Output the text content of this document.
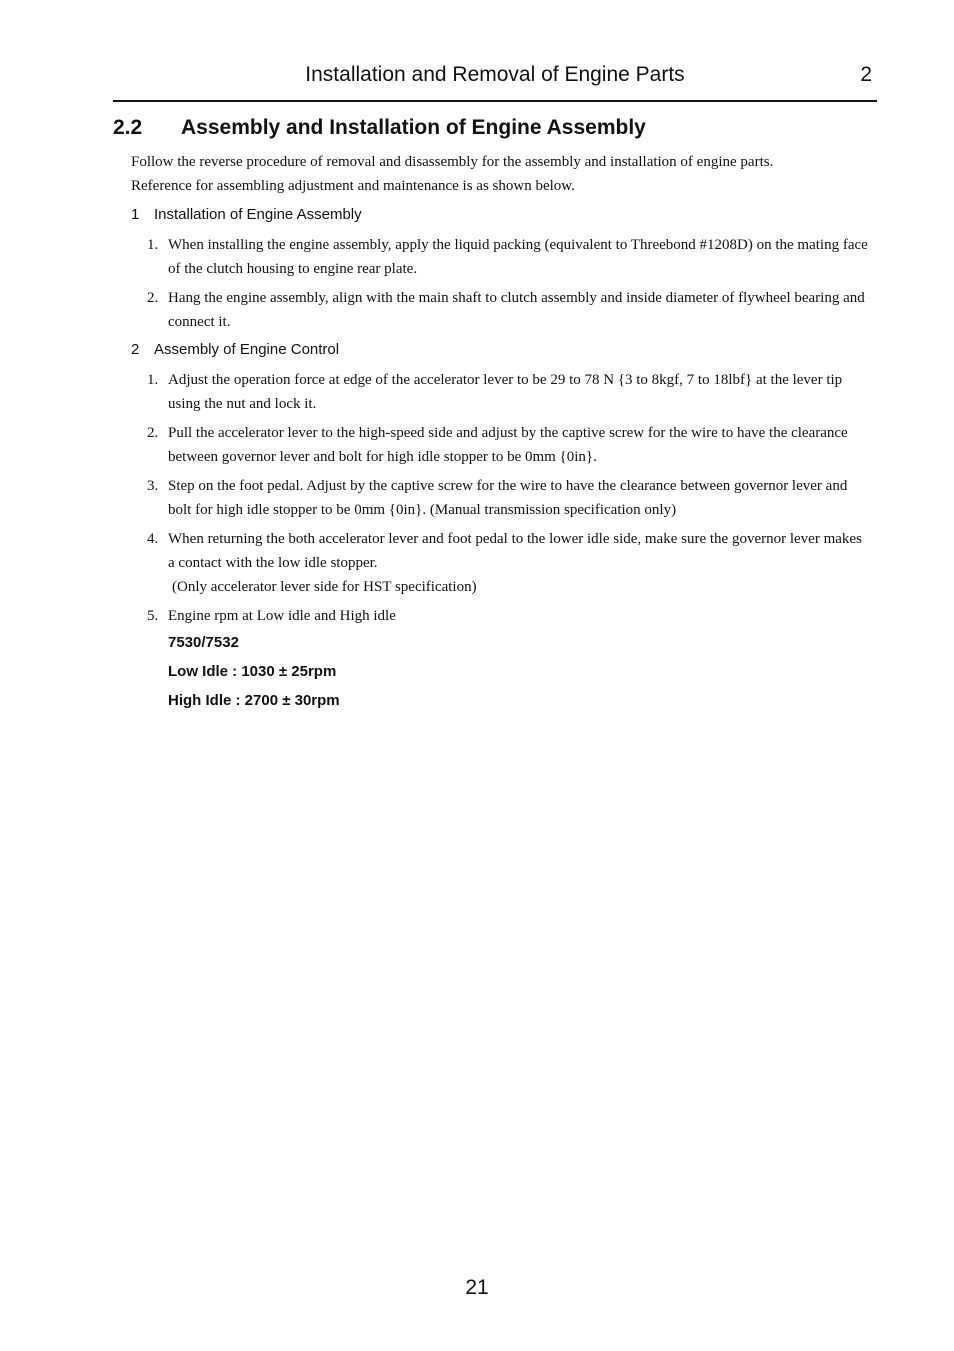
Installation and Removal of Engine Parts	2
2.2 Assembly and Installation of Engine Assembly

Follow the reverse procedure of removal and disassembly for the assembly and installation of engine parts.

Reference for assembling adjustment and maintenance is as shown below.

1 Installation of Engine Assembly
1. When installing the engine assembly, apply the liquid packing (equivalent to Threebond #1208D) on the mating face of the clutch housing to engine rear plate.
2. Hang the engine assembly, align with the main shaft to clutch assembly and inside diameter of flywheel bearing and connect it.
2 Assembly of Engine Control
1. Adjust the operation force at edge of the accelerator lever to be 29 to 78 N {3 to 8kgf, 7 to 18lbf} at the lever tip using the nut and lock it.
2. Pull the accelerator lever to the high-speed side and adjust by the captive screw for the wire to have the clearance between governor lever and bolt for high idle stopper to be 0mm {0in}.
3. Step on the foot pedal. Adjust by the captive screw for the wire to have the clearance between governor lever and bolt for high idle stopper to be 0mm {0in}. (Manual transmission specification only)
4. When returning the both accelerator lever and foot pedal to the lower idle side, make sure the governor lever makes a contact with the low idle stopper.
(Only accelerator lever side for HST specification)
5. Engine rpm at Low idle and High idle
7530/7532
Low Idle : 1030 ± 25rpm
High Idle : 2700 ± 30rpm
21
